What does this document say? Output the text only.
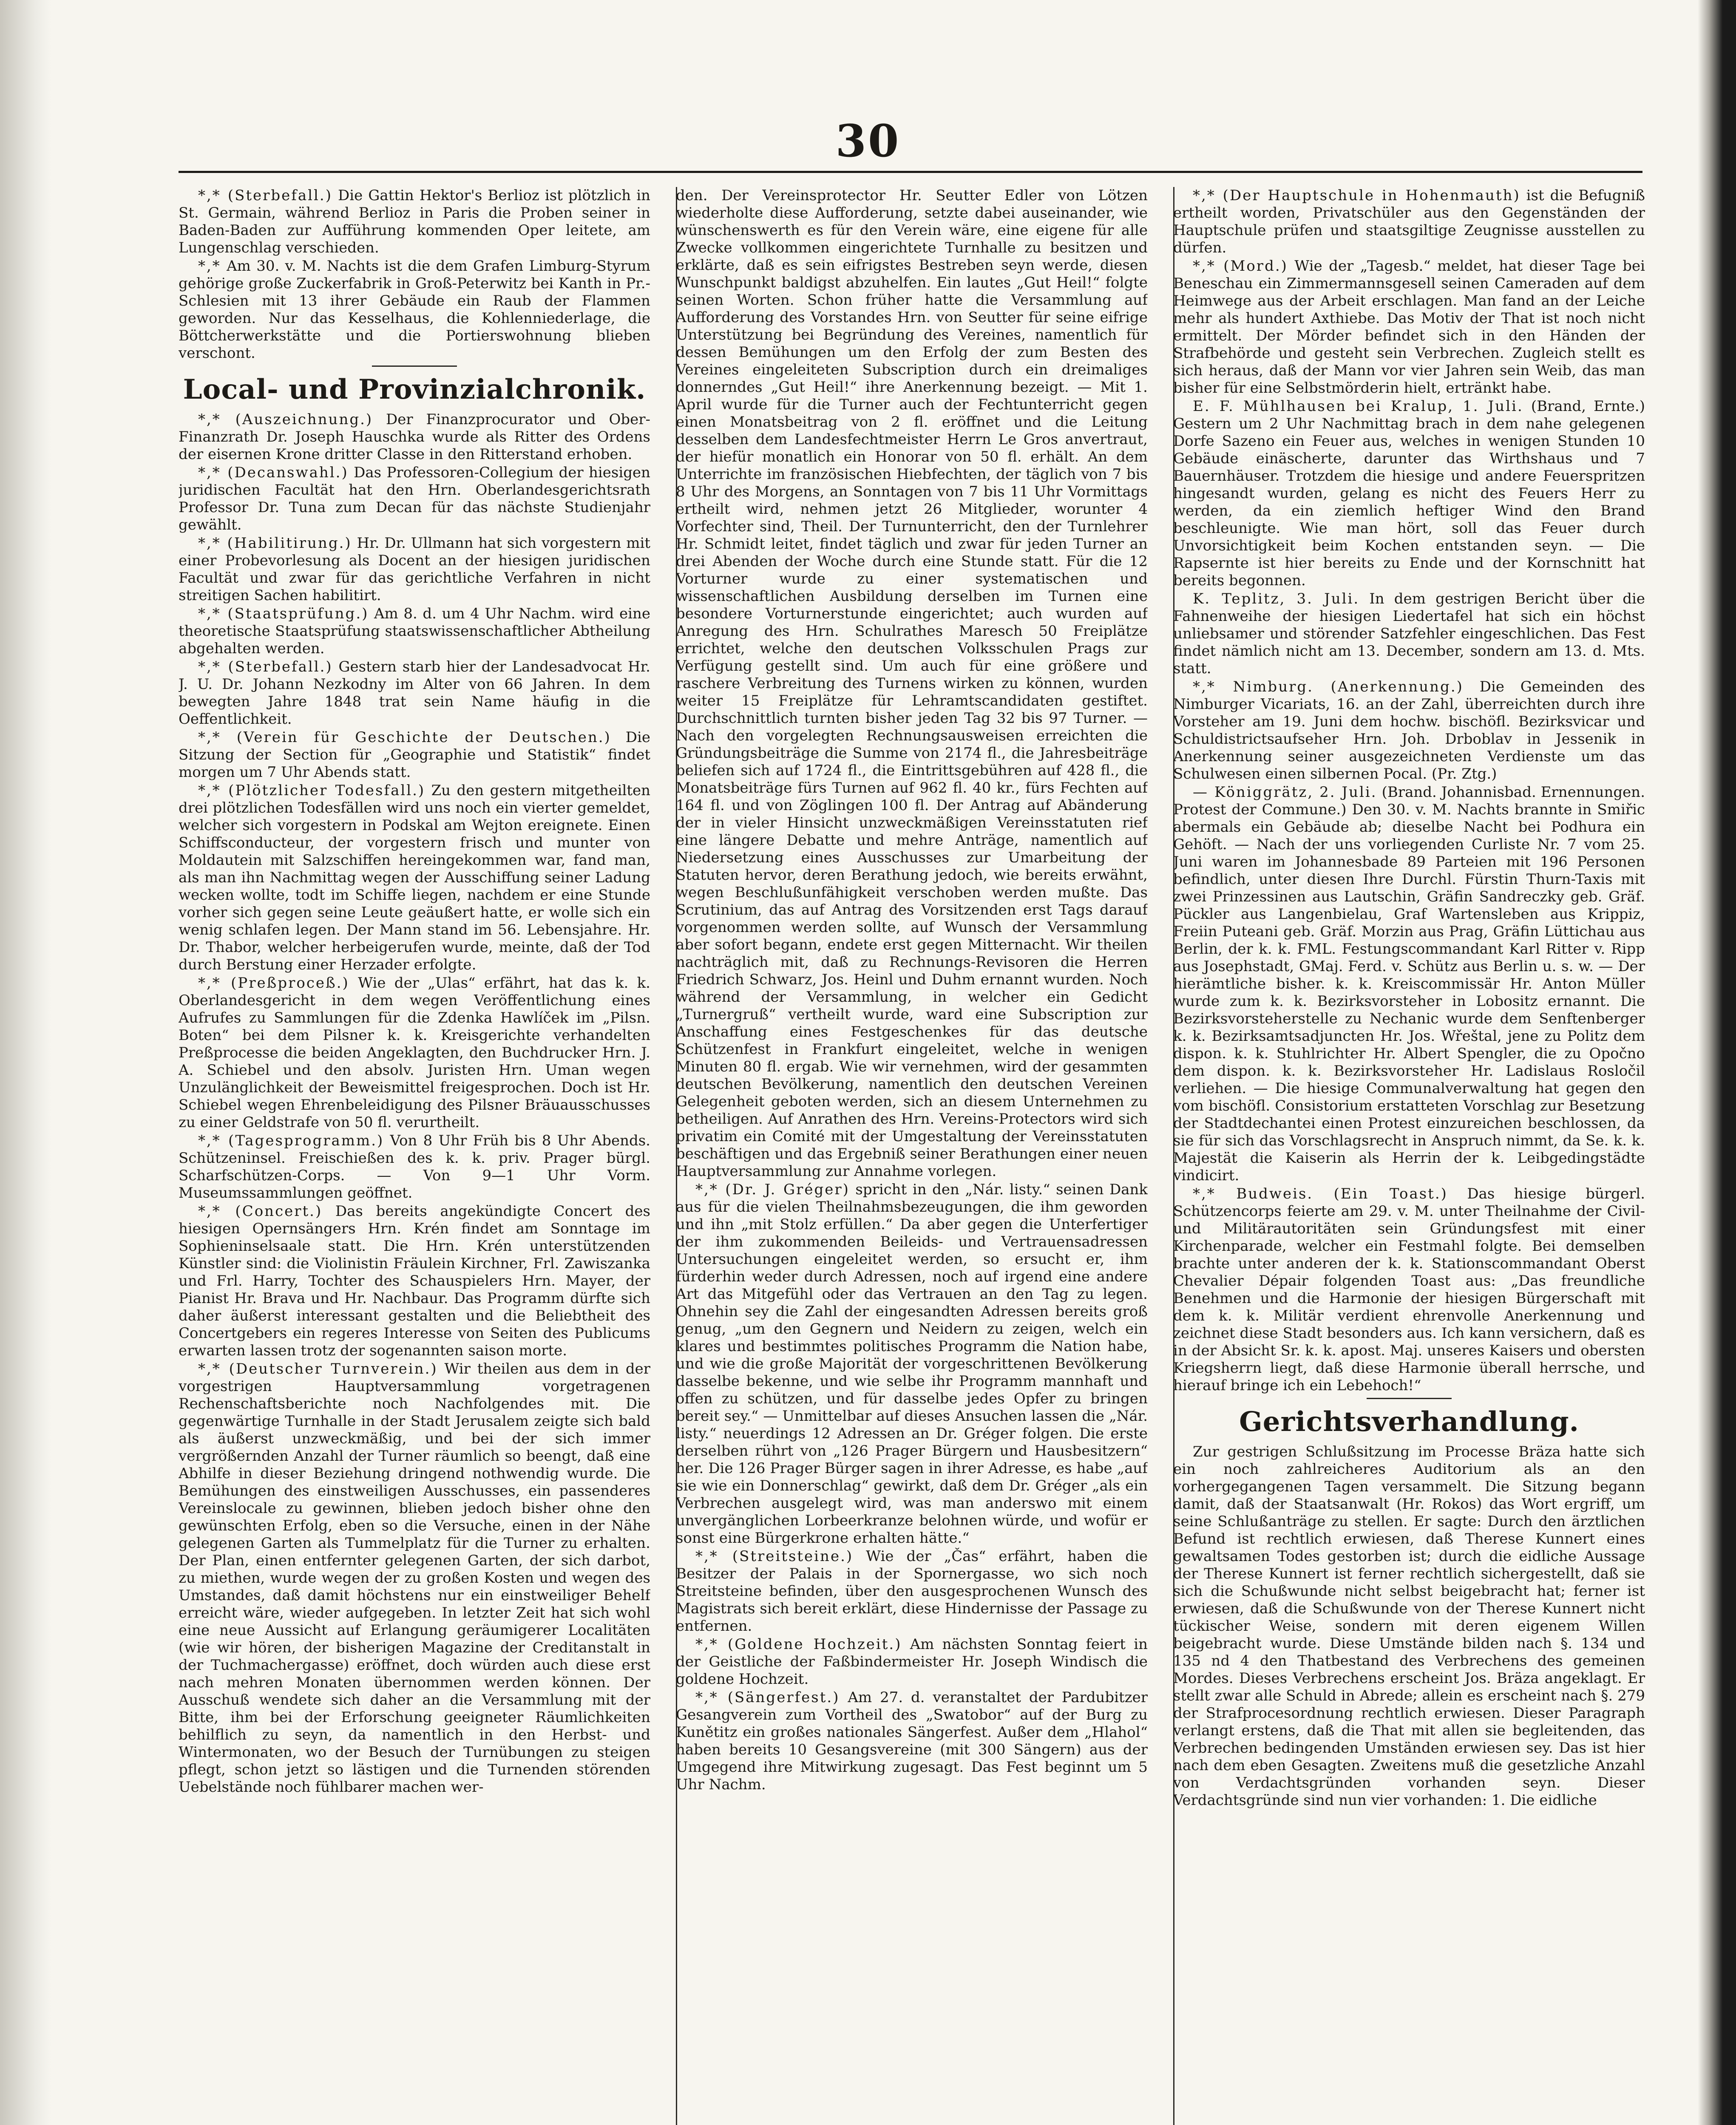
30

*,* (Sterbefall.) Die Gattin Hektor's Berlioz ist plötzlich in St. Germain, während Berlioz in Paris die Proben seiner in Baden-Baden zur Aufführung kommenden Oper leitete, am Lungenschlag verschieden.

*,* Am 30. v. M. Nachts ist die dem Grafen Limburg-Styrum gehörige große Zuckerfabrik in Groß-Peterwitz bei Kanth in Pr.-Schlesien mit 13 ihrer Gebäude ein Raub der Flammen geworden. Nur das Kesselhaus, die Kohlenniederlage, die Böttcherwerkstätte und die Portierswohnung blieben verschont.

Local- und Provinzialchronik.

*,* (Auszeichnung.) Der Finanzprocurator und Ober-Finanzrath Dr. Joseph Hauschka wurde als Ritter des Ordens der eisernen Krone dritter Classe in den Ritterstand erhoben.

*,* (Decanswahl.) Das Professoren-Collegium der hiesigen juridischen Facultät hat den Hrn. Oberlandesgerichtsrath Professor Dr. Tuna zum Decan für das nächste Studienjahr gewählt.

*,* (Habilitirung.) Hr. Dr. Ullmann hat sich vorgestern mit einer Probevorlesung als Docent an der hiesigen juridischen Facultät und zwar für das gerichtliche Verfahren in nicht streitigen Sachen habilitirt.

*,* (Staatsprüfung.) Am 8. d. um 4 Uhr Nachm. wird eine theoretische Staatsprüfung staatswissenschaftlicher Abtheilung abgehalten werden.

*,* (Sterbefall.) Gestern starb hier der Landesadvocat Hr. J. U. Dr. Johann Nezkodny im Alter von 66 Jahren. In dem bewegten Jahre 1848 trat sein Name häufig in die Oeffentlichkeit.

*,* (Verein für Geschichte der Deutschen.) Die Sitzung der Section für „Geographie und Statistik“ findet morgen um 7 Uhr Abends statt.

*,* (Plötzlicher Todesfall.) Zu den gestern mitgetheilten drei plötzlichen Todesfällen wird uns noch ein vierter gemeldet, welcher sich vorgestern in Podskal am Wejton ereignete. Einen Schiffsconducteur, der vorgestern frisch und munter von Moldautein mit Salzschiffen hereingekommen war, fand man, als man ihn Nachmittag wegen der Ausschiffung seiner Ladung wecken wollte, todt im Schiffe liegen, nachdem er eine Stunde vorher sich gegen seine Leute geäußert hatte, er wolle sich ein wenig schlafen legen. Der Mann stand im 56. Lebensjahre. Hr. Dr. Thabor, welcher herbeigerufen wurde, meinte, daß der Tod durch Berstung einer Herzader erfolgte.

*,* (Preßproceß.) Wie der „Ulas“ erfährt, hat das k. k. Oberlandesgericht in dem wegen Veröffentlichung eines Aufrufes zu Sammlungen für die Zdenka Hawlíček im „Pilsn. Boten“ bei dem Pilsner k. k. Kreisgerichte verhandelten Preßprocesse die beiden Angeklagten, den Buchdrucker Hrn. J. A. Schiebel und den absolv. Juristen Hrn. Uman wegen Unzulänglichkeit der Beweismittel freigesprochen. Doch ist Hr. Schiebel wegen Ehrenbeleidigung des Pilsner Bräuausschusses zu einer Geldstrafe von 50 fl. verurtheilt.

*,* (Tagesprogramm.) Von 8 Uhr Früh bis 8 Uhr Abends. Schützeninsel. Freischießen des k. k. priv. Prager bürgl. Scharfschützen-Corps. — Von 9—1 Uhr Vorm. Museumssammlungen geöffnet.

*,* (Concert.) Das bereits angekündigte Concert des hiesigen Opernsängers Hrn. Krén findet am Sonntage im Sophieninselsaale statt. Die Hrn. Krén unterstützenden Künstler sind: die Violinistin Fräulein Kirchner, Frl. Zawiszanka und Frl. Harry, Tochter des Schauspielers Hrn. Mayer, der Pianist Hr. Brava und Hr. Nachbaur. Das Programm dürfte sich daher äußerst interessant gestalten und die Beliebtheit des Concertgebers ein regeres Interesse von Seiten des Publicums erwarten lassen trotz der sogenannten saison morte.

*,* (Deutscher Turnverein.) Wir theilen aus dem in der vorgestrigen Hauptversammlung vorgetragenen Rechenschaftsberichte noch Nachfolgendes mit. Die gegenwärtige Turnhalle in der Stadt Jerusalem zeigte sich bald als äußerst unzweckmäßig, und bei der sich immer vergrößernden Anzahl der Turner räumlich so beengt, daß eine Abhilfe in dieser Beziehung dringend nothwendig wurde. Die Bemühungen des einstweiligen Ausschusses, ein passenderes Vereinslocale zu gewinnen, blieben jedoch bisher ohne den gewünschten Erfolg, eben so die Versuche, einen in der Nähe gelegenen Garten als Tummelplatz für die Turner zu erhalten. Der Plan, einen entfernter gelegenen Garten, der sich darbot, zu miethen, wurde wegen der zu großen Kosten und wegen des Umstandes, daß damit höchstens nur ein einstweiliger Behelf erreicht wäre, wieder aufgegeben. In letzter Zeit hat sich wohl eine neue Aussicht auf Erlangung geräumigerer Localitäten (wie wir hören, der bisherigen Magazine der Creditanstalt in der Tuchmachergasse) eröffnet, doch würden auch diese erst nach mehren Monaten übernommen werden können. Der Ausschuß wendete sich daher an die Versammlung mit der Bitte, ihm bei der Erforschung geeigneter Räumlichkeiten behilflich zu seyn, da namentlich in den Herbst- und Wintermonaten, wo der Besuch der Turnübungen zu steigen pflegt, schon jetzt so lästigen und die Turnenden störenden Uebelstände noch fühlbarer machen wer-

den. Der Vereinsprotector Hr. Seutter Edler von Lötzen wiederholte diese Aufforderung, setzte dabei auseinander, wie wünschenswerth es für den Verein wäre, eine eigene für alle Zwecke vollkommen eingerichtete Turnhalle zu besitzen und erklärte, daß es sein eifrigstes Bestreben seyn werde, diesen Wunschpunkt baldigst abzuhelfen. Ein lautes „Gut Heil!“ folgte seinen Worten. Schon früher hatte die Versammlung auf Aufforderung des Vorstandes Hrn. von Seutter für seine eifrige Unterstützung bei Begründung des Vereines, namentlich für dessen Bemühungen um den Erfolg der zum Besten des Vereines eingeleiteten Subscription durch ein dreimaliges donnerndes „Gut Heil!“ ihre Anerkennung bezeigt. — Mit 1. April wurde für die Turner auch der Fechtunterricht gegen einen Monatsbeitrag von 2 fl. eröffnet und die Leitung desselben dem Landesfechtmeister Herrn Le Gros anvertraut, der hiefür monatlich ein Honorar von 50 fl. erhält. An dem Unterrichte im französischen Hiebfechten, der täglich von 7 bis 8 Uhr des Morgens, an Sonntagen von 7 bis 11 Uhr Vormittags ertheilt wird, nehmen jetzt 26 Mitglieder, worunter 4 Vorfechter sind, Theil. Der Turnunterricht, den der Turnlehrer Hr. Schmidt leitet, findet täglich und zwar für jeden Turner an drei Abenden der Woche durch eine Stunde statt. Für die 12 Vorturner wurde zu einer systematischen und wissenschaftlichen Ausbildung derselben im Turnen eine besondere Vorturnerstunde eingerichtet; auch wurden auf Anregung des Hrn. Schulrathes Maresch 50 Freiplätze errichtet, welche den deutschen Volksschulen Prags zur Verfügung gestellt sind. Um auch für eine größere und raschere Verbreitung des Turnens wirken zu können, wurden weiter 15 Freiplätze für Lehramtscandidaten gestiftet. Durchschnittlich turnten bisher jeden Tag 32 bis 97 Turner. — Nach den vorgelegten Rechnungsausweisen erreichten die Gründungsbeiträge die Summe von 2174 fl., die Jahresbeiträge beliefen sich auf 1724 fl., die Eintrittsgebühren auf 428 fl., die Monatsbeiträge fürs Turnen auf 962 fl. 40 kr., fürs Fechten auf 164 fl. und von Zöglingen 100 fl. Der Antrag auf Abänderung der in vieler Hinsicht unzweckmäßigen Vereinsstatuten rief eine längere Debatte und mehre Anträge, namentlich auf Niedersetzung eines Ausschusses zur Umarbeitung der Statuten hervor, deren Berathung jedoch, wie bereits erwähnt, wegen Beschlußunfähigkeit verschoben werden mußte. Das Scrutinium, das auf Antrag des Vorsitzenden erst Tags darauf vorgenommen werden sollte, auf Wunsch der Versammlung aber sofort begann, endete erst gegen Mitternacht. Wir theilen nachträglich mit, daß zu Rechnungs-Revisoren die Herren Friedrich Schwarz, Jos. Heinl und Duhm ernannt wurden. Noch während der Versammlung, in welcher ein Gedicht „Turnergruß“ vertheilt wurde, ward eine Subscription zur Anschaffung eines Festgeschenkes für das deutsche Schützenfest in Frankfurt eingeleitet, welche in wenigen Minuten 80 fl. ergab. Wie wir vernehmen, wird der gesammten deutschen Bevölkerung, namentlich den deutschen Vereinen Gelegenheit geboten werden, sich an diesem Unternehmen zu betheiligen. Auf Anrathen des Hrn. Vereins-Protectors wird sich privatim ein Comité mit der Umgestaltung der Vereinsstatuten beschäftigen und das Ergebniß seiner Berathungen einer neuen Hauptversammlung zur Annahme vorlegen.

*,* (Dr. J. Gréger) spricht in den „Nár. listy.“ seinen Dank aus für die vielen Theilnahmsbezeugungen, die ihm geworden und ihn „mit Stolz erfüllen.“ Da aber gegen die Unterfertiger der ihm zukommenden Beileids- und Vertrauensadressen Untersuchungen eingeleitet werden, so ersucht er, ihm fürderhin weder durch Adressen, noch auf irgend eine andere Art das Mitgefühl oder das Vertrauen an den Tag zu legen. Ohnehin sey die Zahl der eingesandten Adressen bereits groß genug, „um den Gegnern und Neidern zu zeigen, welch ein klares und bestimmtes politisches Programm die Nation habe, und wie die große Majorität der vorgeschrittenen Bevölkerung dasselbe bekenne, und wie selbe ihr Programm mannhaft und offen zu schützen, und für dasselbe jedes Opfer zu bringen bereit sey.“ — Unmittelbar auf dieses Ansuchen lassen die „Nár. listy.“ neuerdings 12 Adressen an Dr. Gréger folgen. Die erste derselben rührt von „126 Prager Bürgern und Hausbesitzern“ her. Die 126 Prager Bürger sagen in ihrer Adresse, es habe „auf sie wie ein Donnerschlag“ gewirkt, daß dem Dr. Gréger „als ein Verbrechen ausgelegt wird, was man anderswo mit einem unvergänglichen Lorbeerkranze belohnen würde, und wofür er sonst eine Bürgerkrone erhalten hätte.“

*,* (Streitsteine.) Wie der „Čas“ erfährt, haben die Besitzer der Palais in der Spornergasse, wo sich noch Streitsteine befinden, über den ausgesprochenen Wunsch des Magistrats sich bereit erklärt, diese Hindernisse der Passage zu entfernen.

*,* (Goldene Hochzeit.) Am nächsten Sonntag feiert in der Geistliche der Faßbindermeister Hr. Joseph Windisch die goldene Hochzeit.

*,* (Sängerfest.) Am 27. d. veranstaltet der Pardubitzer Gesangverein zum Vortheil des „Swatobor“ auf der Burg zu Kunětitz ein großes nationales Sängerfest. Außer dem „Hlahol“ haben bereits 10 Gesangsvereine (mit 300 Sängern) aus der Umgegend ihre Mitwirkung zugesagt. Das Fest beginnt um 5 Uhr Nachm.

*,* (Der Hauptschule in Hohenmauth) ist die Befugniß ertheilt worden, Privatschüler aus den Gegenständen der Hauptschule prüfen und staatsgiltige Zeugnisse ausstellen zu dürfen.

*,* (Mord.) Wie der „Tagesb.“ meldet, hat dieser Tage bei Beneschau ein Zimmermannsgesell seinen Cameraden auf dem Heimwege aus der Arbeit erschlagen. Man fand an der Leiche mehr als hundert Axthiebe. Das Motiv der That ist noch nicht ermittelt. Der Mörder befindet sich in den Händen der Strafbehörde und gesteht sein Verbrechen. Zugleich stellt es sich heraus, daß der Mann vor vier Jahren sein Weib, das man bisher für eine Selbstmörderin hielt, ertränkt habe.

E. F. Mühlhausen bei Kralup, 1. Juli. (Brand, Ernte.) Gestern um 2 Uhr Nachmittag brach in dem nahe gelegenen Dorfe Sazeno ein Feuer aus, welches in wenigen Stunden 10 Gebäude einäscherte, darunter das Wirthshaus und 7 Bauernhäuser. Trotzdem die hiesige und andere Feuerspritzen hingesandt wurden, gelang es nicht des Feuers Herr zu werden, da ein ziemlich heftiger Wind den Brand beschleunigte. Wie man hört, soll das Feuer durch Unvorsichtigkeit beim Kochen entstanden seyn. — Die Rapsernte ist hier bereits zu Ende und der Kornschnitt hat bereits begonnen.

K. Teplitz, 3. Juli. In dem gestrigen Bericht über die Fahnenweihe der hiesigen Liedertafel hat sich ein höchst unliebsamer und störender Satzfehler eingeschlichen. Das Fest findet nämlich nicht am 13. December, sondern am 13. d. Mts. statt.

*,* Nimburg. (Anerkennung.) Die Gemeinden des Nimburger Vicariats, 16. an der Zahl, überreichten durch ihre Vorsteher am 19. Juni dem hochw. bischöfl. Bezirksvicar und Schuldistrictsaufseher Hrn. Joh. Drboblav in Jessenik in Anerkennung seiner ausgezeichneten Verdienste um das Schulwesen einen silbernen Pocal. (Pr. Ztg.)

— Königgrätz, 2. Juli. (Brand. Johannisbad. Ernennungen. Protest der Commune.) Den 30. v. M. Nachts brannte in Smiřic abermals ein Gebäude ab; dieselbe Nacht bei Podhura ein Gehöft. — Nach der uns vorliegenden Curliste Nr. 7 vom 25. Juni waren im Johannesbade 89 Parteien mit 196 Personen befindlich, unter diesen Ihre Durchl. Fürstin Thurn-Taxis mit zwei Prinzessinen aus Lautschin, Gräfin Sandreczky geb. Gräf. Pückler aus Langenbielau, Graf Wartensleben aus Krippiz, Freiin Puteani geb. Gräf. Morzin aus Prag, Gräfin Lüttichau aus Berlin, der k. k. FML. Festungscommandant Karl Ritter v. Ripp aus Josephstadt, GMaj. Ferd. v. Schütz aus Berlin u. s. w. — Der hierämtliche bisher. k. k. Kreiscommissär Hr. Anton Müller wurde zum k. k. Bezirksvorsteher in Lobositz ernannt. Die Bezirksvorsteherstelle zu Nechanic wurde dem Senftenberger k. k. Bezirksamtsadjuncten Hr. Jos. Wřeštal, jene zu Politz dem dispon. k. k. Stuhlrichter Hr. Albert Spengler, die zu Opočno dem dispon. k. k. Bezirksvorsteher Hr. Ladislaus Rosločil verliehen. — Die hiesige Communalverwaltung hat gegen den vom bischöfl. Consistorium erstatteten Vorschlag zur Besetzung der Stadtdechantei einen Protest einzureichen beschlossen, da sie für sich das Vorschlagsrecht in Anspruch nimmt, da Se. k. k. Majestät die Kaiserin als Herrin der k. Leibgedingstädte vindicirt.

*,* Budweis. (Ein Toast.) Das hiesige bürgerl. Schützencorps feierte am 29. v. M. unter Theilnahme der Civil- und Militärautoritäten sein Gründungsfest mit einer Kirchenparade, welcher ein Festmahl folgte. Bei demselben brachte unter anderen der k. k. Stationscommandant Oberst Chevalier Dépair folgenden Toast aus: „Das freundliche Benehmen und die Harmonie der hiesigen Bürgerschaft mit dem k. k. Militär verdient ehrenvolle Anerkennung und zeichnet diese Stadt besonders aus. Ich kann versichern, daß es in der Absicht Sr. k. k. apost. Maj. unseres Kaisers und obersten Kriegsherrn liegt, daß diese Harmonie überall herrsche, und hierauf bringe ich ein Lebehoch!“

Gerichtsverhandlung.

Zur gestrigen Schlußsitzung im Processe Bräza hatte sich ein noch zahlreicheres Auditorium als an den vorhergegangenen Tagen versammelt. Die Sitzung begann damit, daß der Staatsanwalt (Hr. Rokos) das Wort ergriff, um seine Schlußanträge zu stellen. Er sagte: Durch den ärztlichen Befund ist rechtlich erwiesen, daß Therese Kunnert eines gewaltsamen Todes gestorben ist; durch die eidliche Aussage der Therese Kunnert ist ferner rechtlich sichergestellt, daß sie sich die Schußwunde nicht selbst beigebracht hat; ferner ist erwiesen, daß die Schußwunde von der Therese Kunnert nicht tückischer Weise, sondern mit deren eigenem Willen beigebracht wurde. Diese Umstände bilden nach §. 134 und 135 nd 4 den Thatbestand des Verbrechens des gemeinen Mordes. Dieses Verbrechens erscheint Jos. Bräza angeklagt. Er stellt zwar alle Schuld in Abrede; allein es erscheint nach §. 279 der Strafprocesordnung rechtlich erwiesen. Dieser Paragraph verlangt erstens, daß die That mit allen sie begleitenden, das Verbrechen bedingenden Umständen erwiesen sey. Das ist hier nach dem eben Gesagten. Zweitens muß die gesetzliche Anzahl von Verdachtsgründen vorhanden seyn. Dieser Verdachtsgründe sind nun vier vorhanden: 1. Die eidliche
